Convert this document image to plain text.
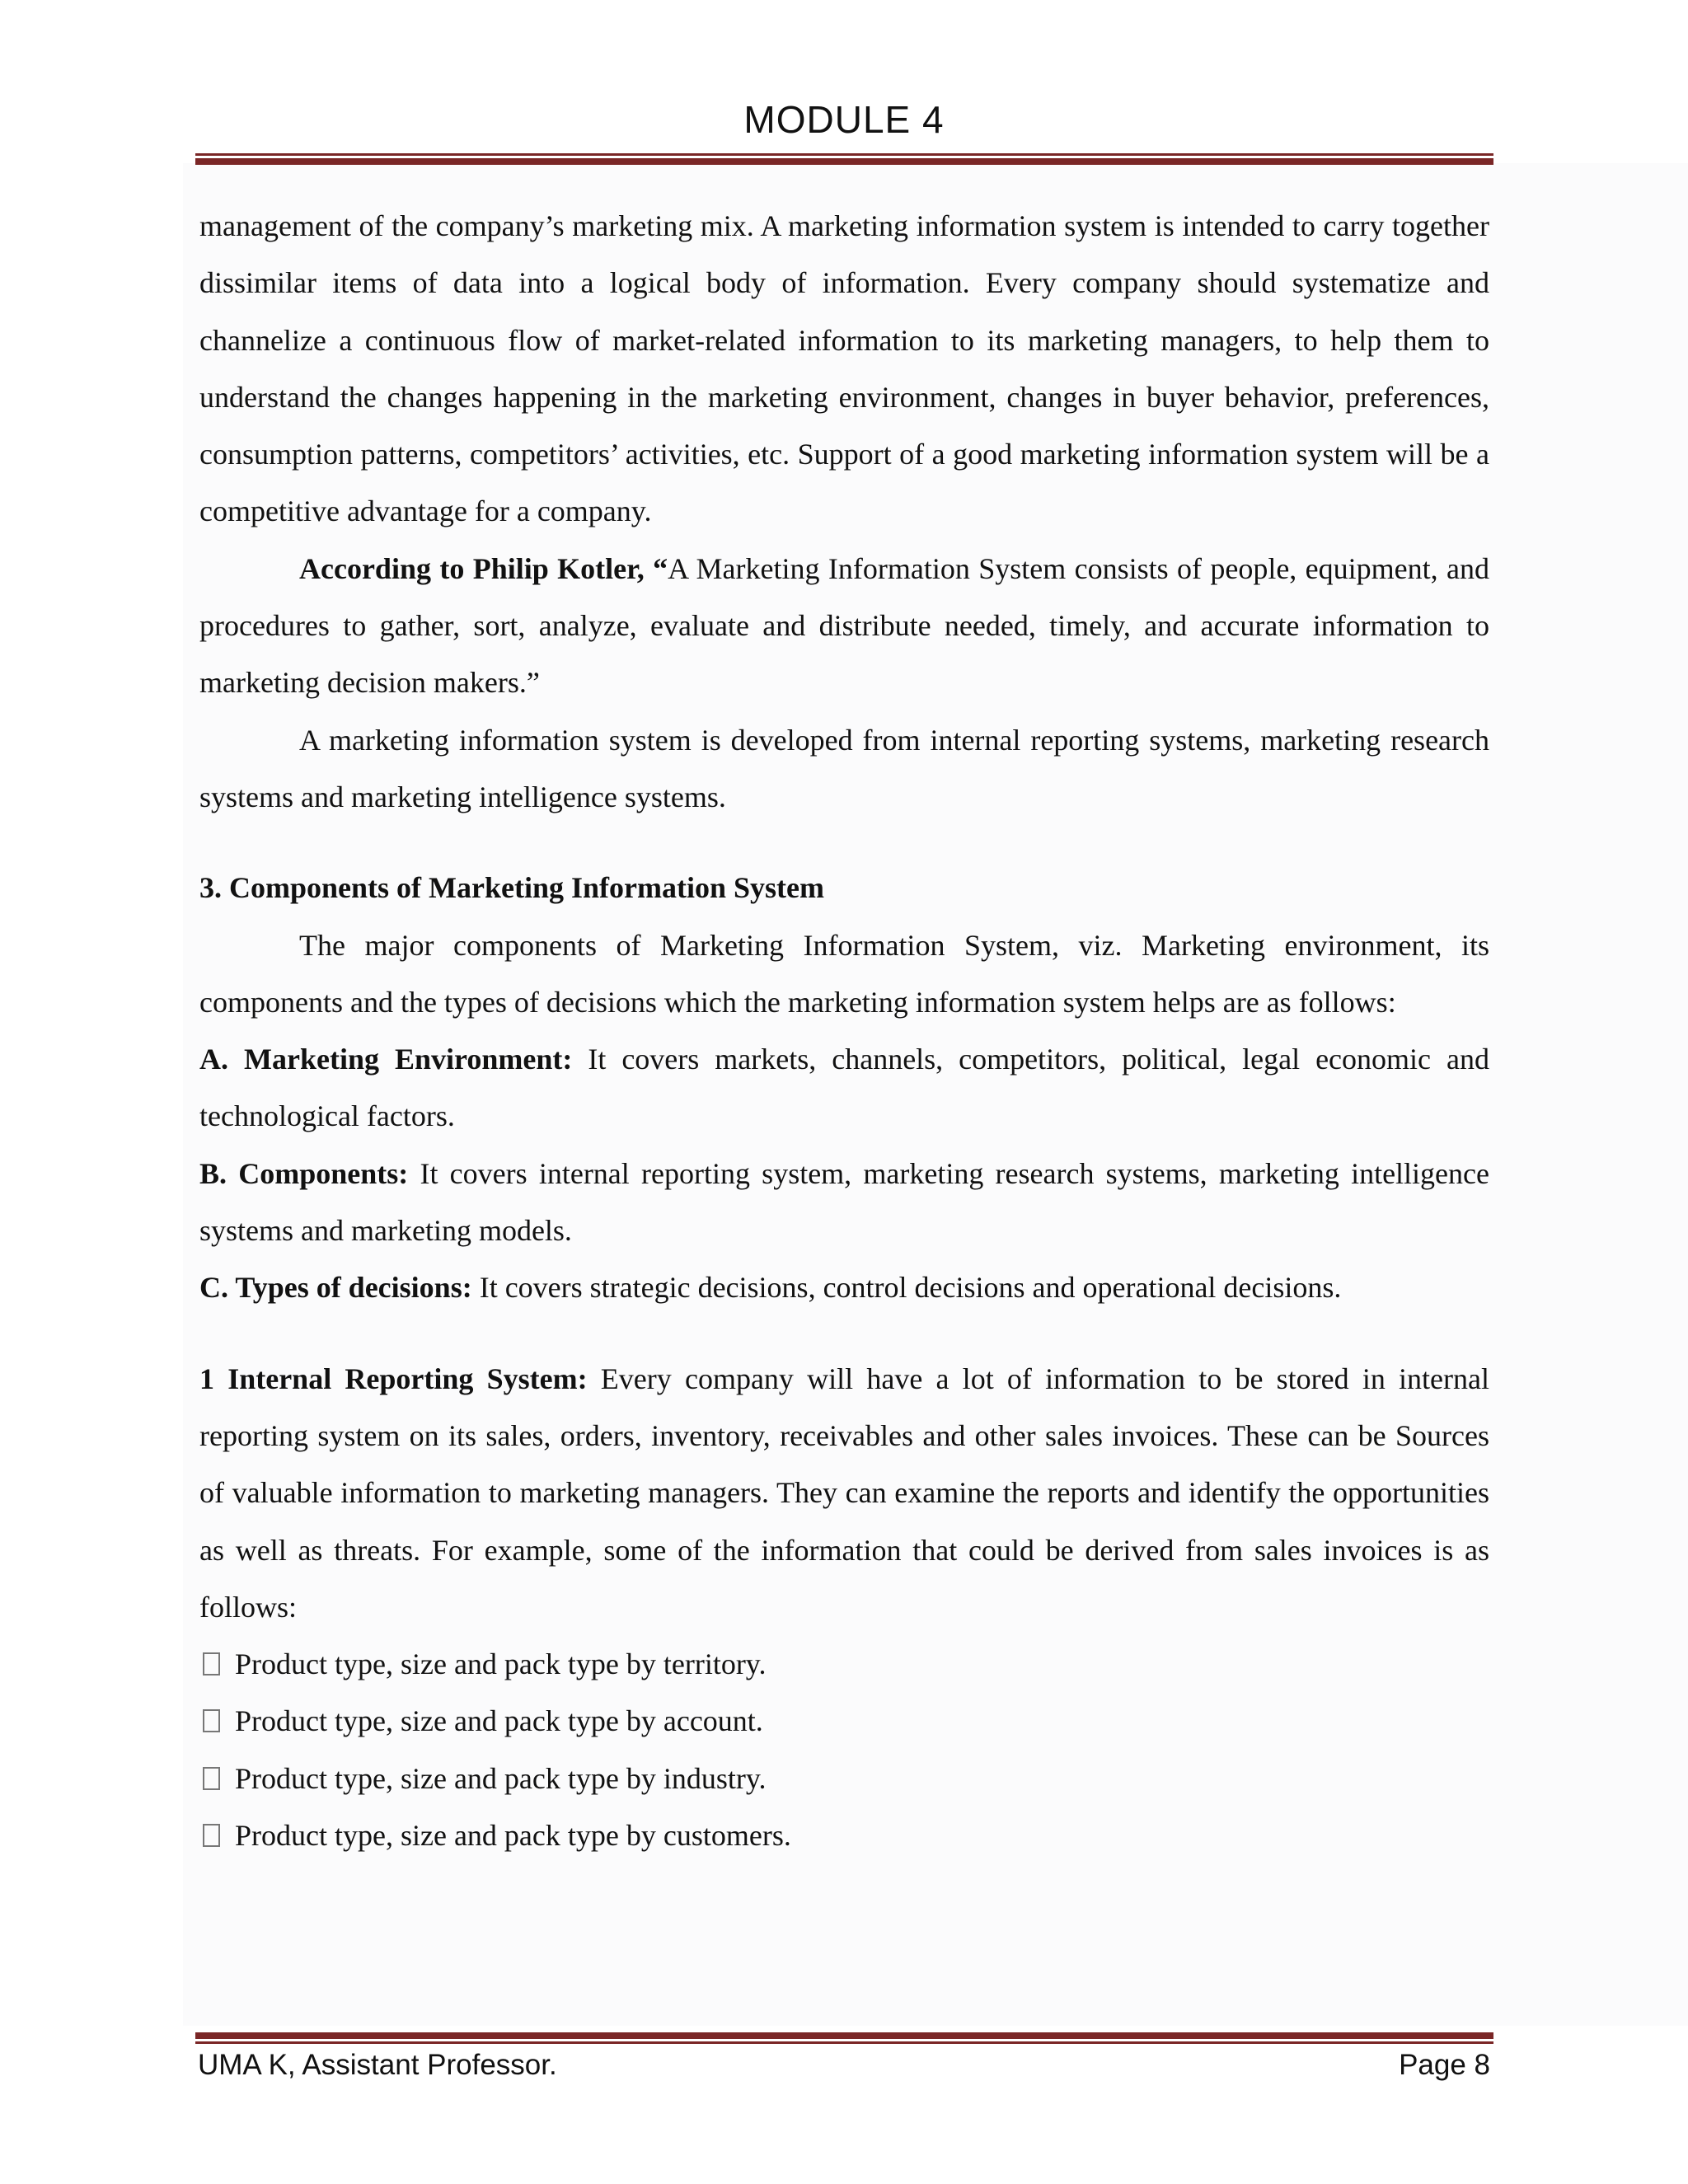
MODULE 4

management of the company’s marketing mix. A marketing information system is intended to carry together dissimilar items of data into a logical body of information. Every company should systematize and channelize a continuous flow of market-related information to its marketing managers, to help them to understand the changes happening in the marketing environment, changes in buyer behavior, preferences, consumption patterns, competitors’ activities, etc. Support of a good marketing information system will be a competitive advantage for a company.

According to Philip Kotler, “A Marketing Information System consists of people, equipment, and procedures to gather, sort, analyze, evaluate and distribute needed, timely, and accurate information to marketing decision makers.”

A marketing information system is developed from internal reporting systems, marketing research systems and marketing intelligence systems.

3. Components of Marketing Information System

The major components of Marketing Information System, viz. Marketing environment, its components and the types of decisions which the marketing information system helps are as follows:

A. Marketing Environment: It covers markets, channels, competitors, political, legal economic and technological factors.

B. Components: It covers internal reporting system, marketing research systems, marketing intelligence systems and marketing models.

C. Types of decisions: It covers strategic decisions, control decisions and operational decisions.

1 Internal Reporting System: Every company will have a lot of information to be stored in internal reporting system on its sales, orders, inventory, receivables and other sales invoices. These can be Sources of valuable information to marketing managers. They can examine the reports and identify the opportunities as well as threats. For example, some of the information that could be derived from sales invoices is as follows:

Product type, size and pack type by territory.

Product type, size and pack type by account.

Product type, size and pack type by industry.

Product type, size and pack type by customers.

UMA K, Assistant Professor.	Page 8
